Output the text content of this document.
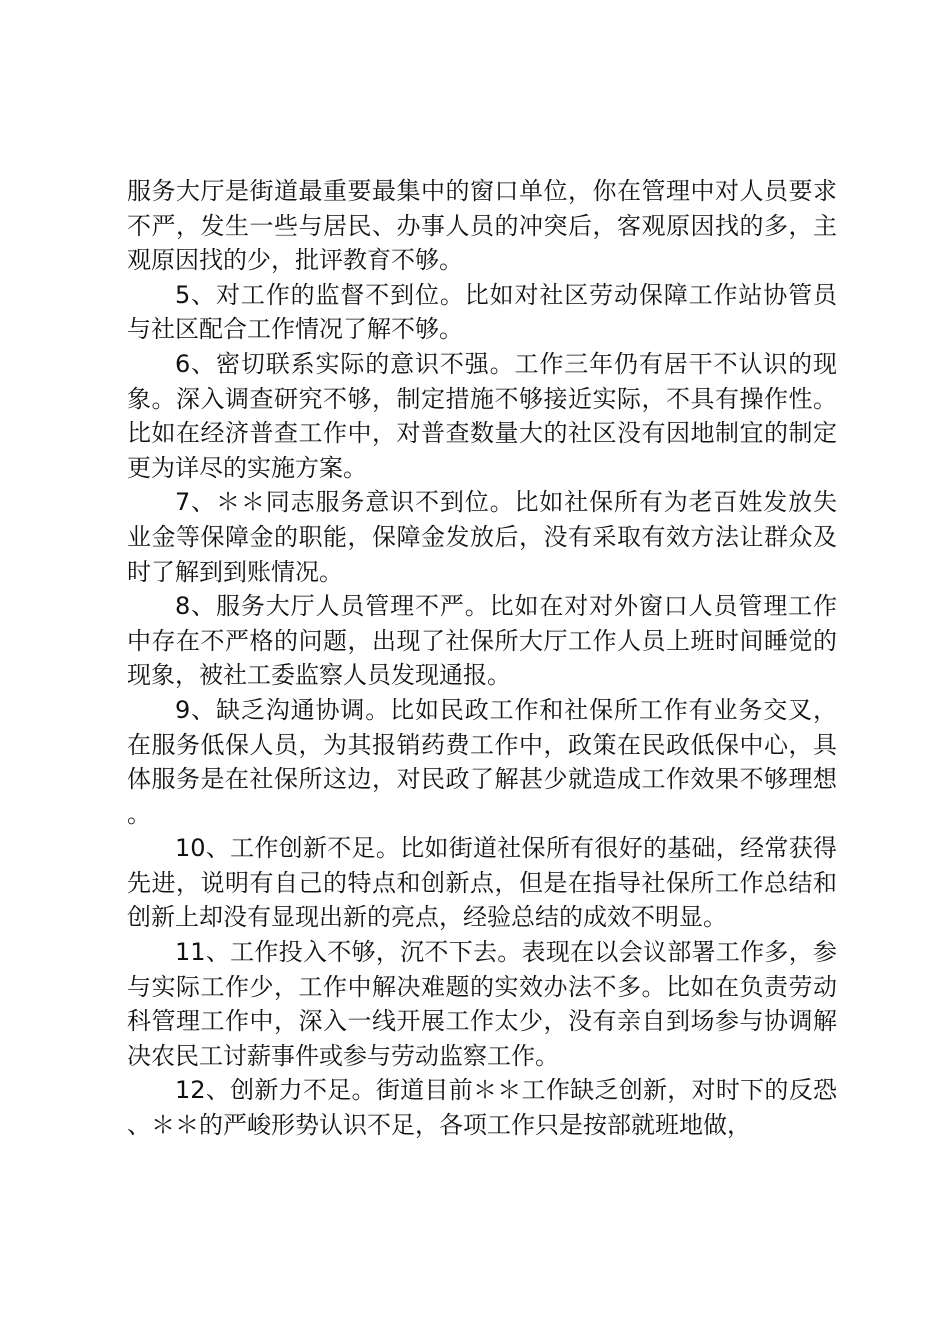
服务大厅是街道最重要最集中的窗口单位，你在管理中对人员要求不严，发生一些与居民、办事人员的冲突后，客观原因找的多，主观原因找的少，批评教育不够。

5、对工作的监督不到位。比如对社区劳动保障工作站协管员与社区配合工作情况了解不够。

6、密切联系实际的意识不强。工作三年仍有居干不认识的现象。深入调查研究不够，制定措施不够接近实际，不具有操作性。比如在经济普查工作中，对普查数量大的社区没有因地制宜的制定更为详尽的实施方案。

7、＊＊同志服务意识不到位。比如社保所有为老百姓发放失业金等保障金的职能，保障金发放后，没有采取有效方法让群众及时了解到到账情况。

8、服务大厅人员管理不严。比如在对对外窗口人员管理工作中存在不严格的问题，出现了社保所大厅工作人员上班时间睡觉的现象，被社工委监察人员发现通报。

9、缺乏沟通协调。比如民政工作和社保所工作有业务交叉，在服务低保人员，为其报销药费工作中，政策在民政低保中心，具体服务是在社保所这边，对民政了解甚少就造成工作效果不够理想。

10、工作创新不足。比如街道社保所有很好的基础，经常获得先进，说明有自己的特点和创新点，但是在指导社保所工作总结和创新上却没有显现出新的亮点，经验总结的成效不明显。

11、工作投入不够，沉不下去。表现在以会议部署工作多，参与实际工作少，工作中解决难题的实效办法不多。比如在负责劳动科管理工作中，深入一线开展工作太少，没有亲自到场参与协调解决农民工讨薪事件或参与劳动监察工作。

12、创新力不足。街道目前＊＊工作缺乏创新，对时下的反恐、＊＊的严峻形势认识不足，各项工作只是按部就班地做，
